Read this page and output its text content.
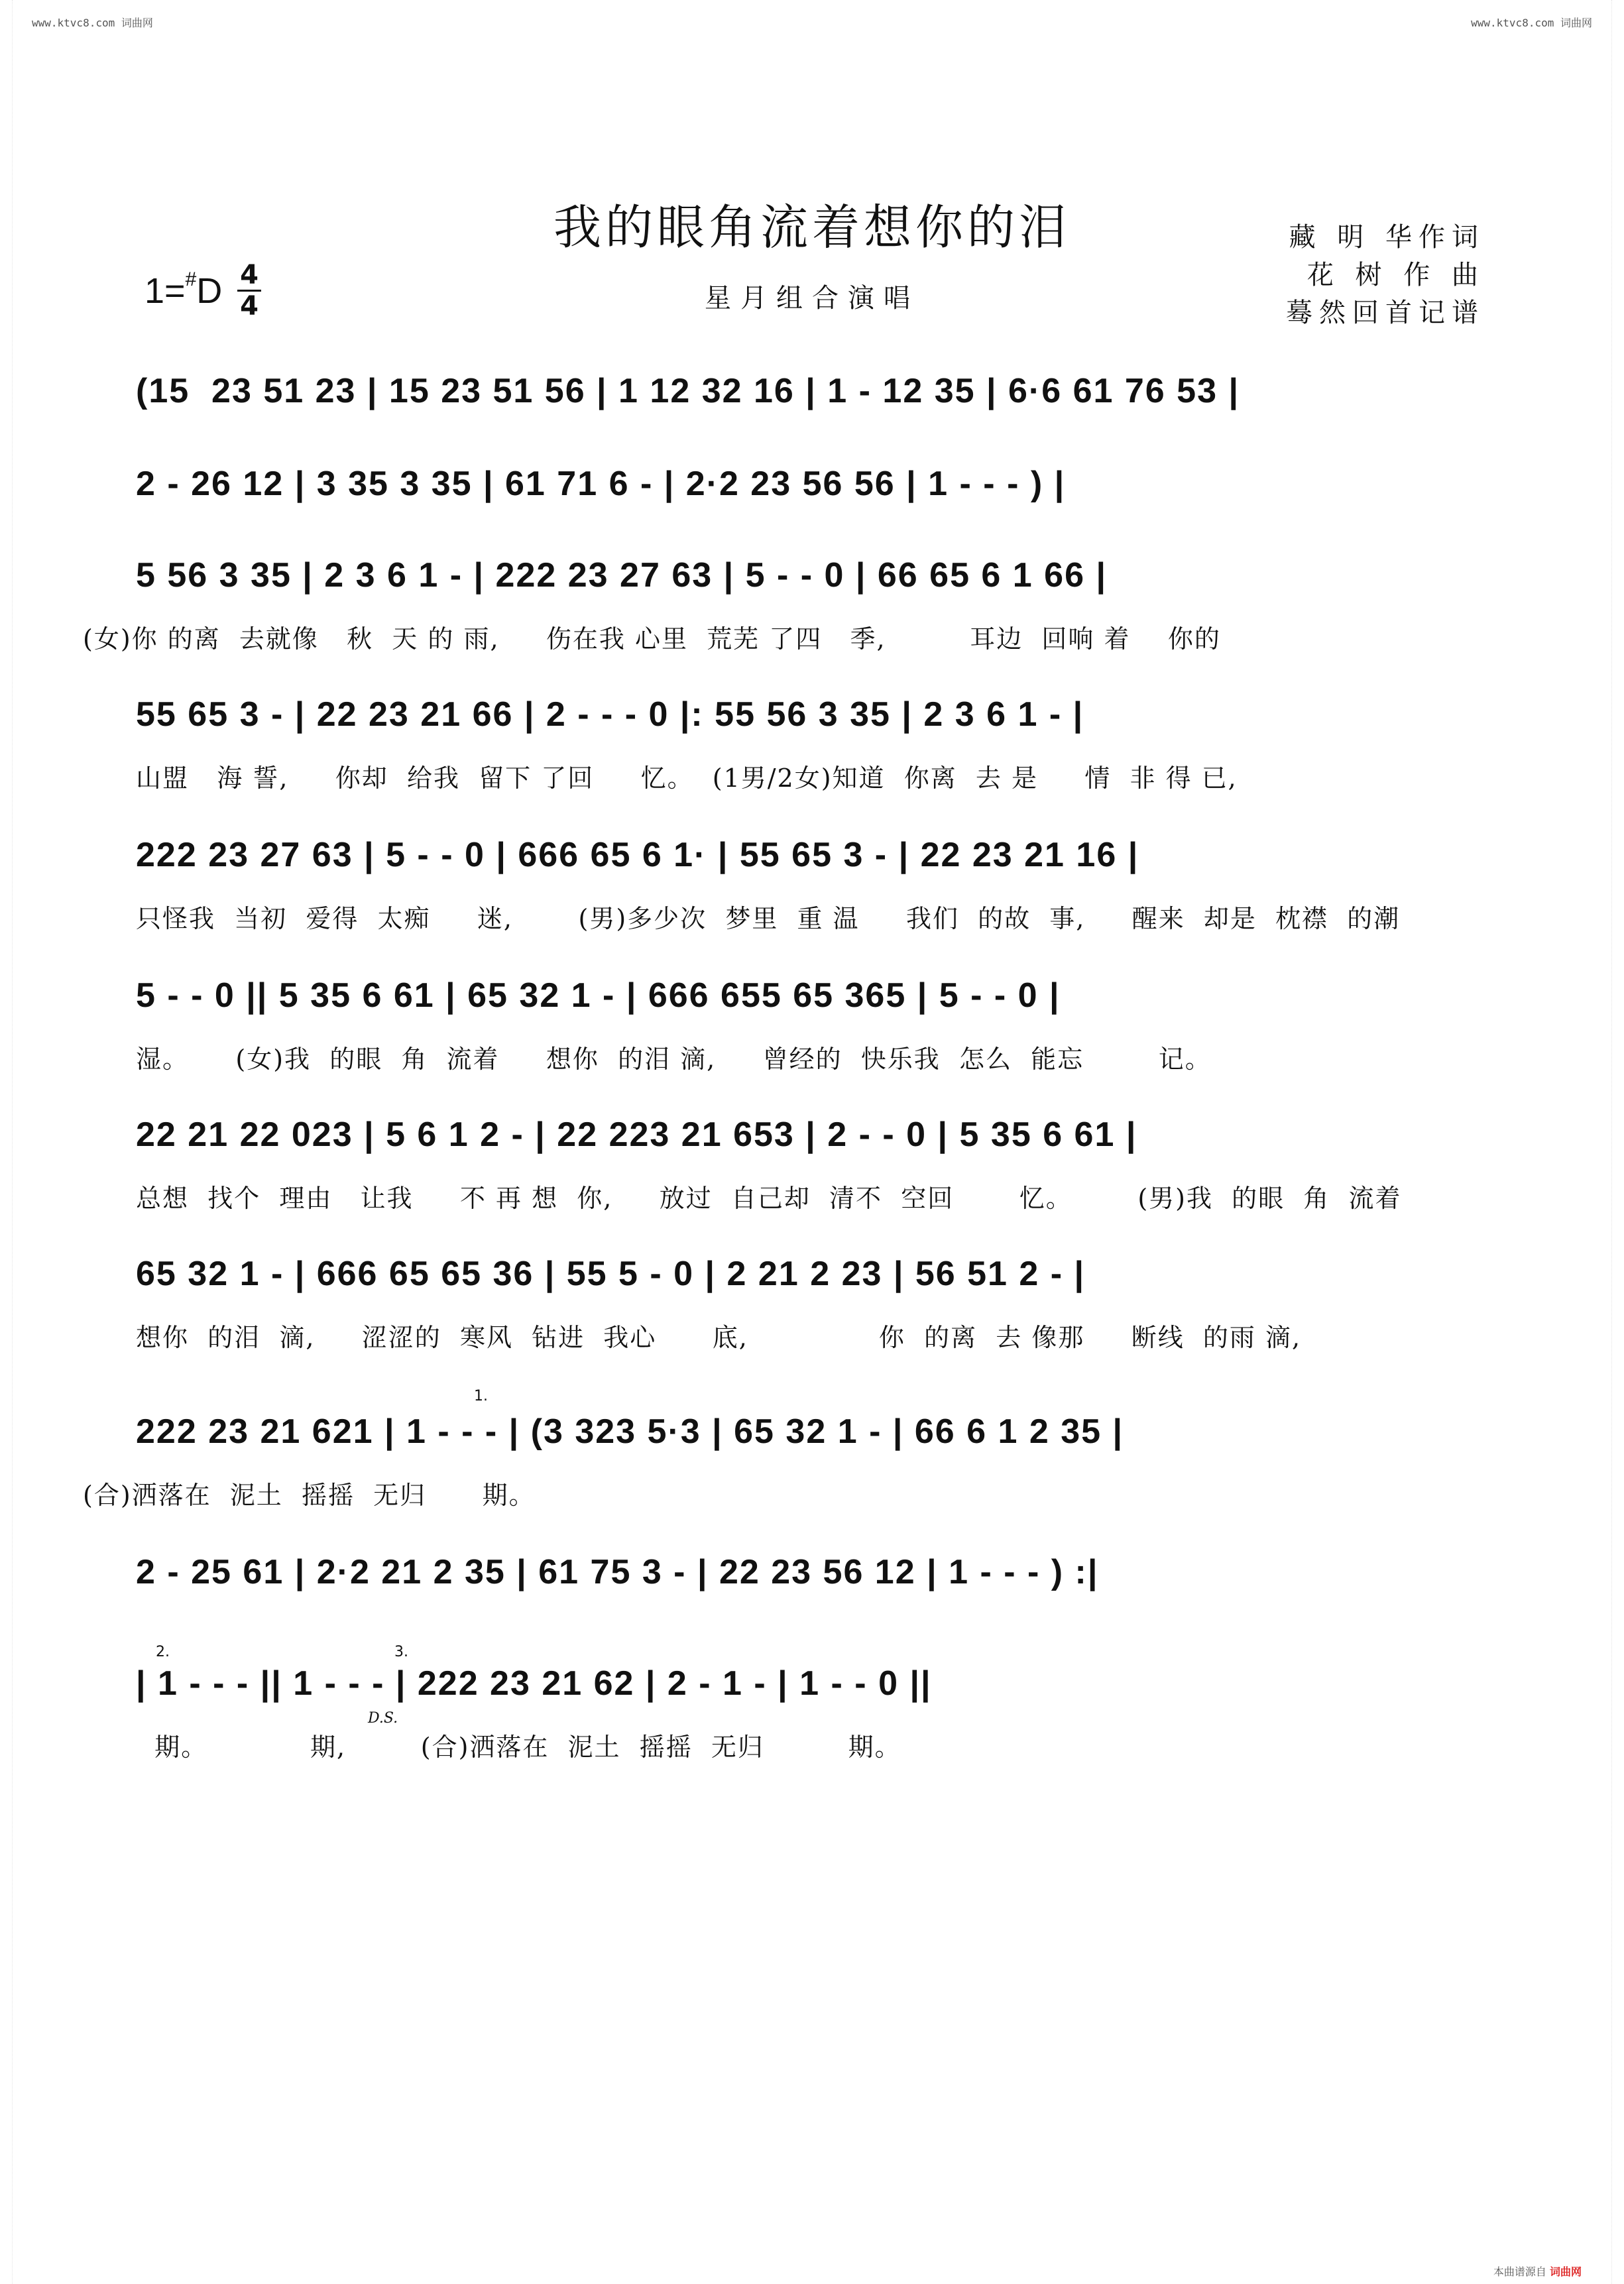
www.ktvc8.com 词曲网	www.ktvc8.com 词曲网
我的眼角流着想你的泪
1=#D 4
4	星月组合演唱
藏 明 华作词
花 树 作 曲
蓦然回首记谱
(15  23 51 23 | 15 23 51 56 | 1 12 32 16 | 1 - 12 35 | 6·6 61 76 53 |
2 - 26 12 | 3 35 3 35 | 61 71 6 - | 2·2 23 56 56 | 1 - - - ) |
5 56 3 35 | 2 3 6 1 - | 222 23 27 63 | 5 - - 0 | 66 65 6 1 66 |
(女)你 的离  去就像   秋  天 的 雨,     伤在我 心里  荒芜 了四   季,         耳边  回响 着    你的
55 65 3 - | 22 23 21 66 | 2 - - - 0 |: 55 56 3 35 | 2 3 6 1 - |
山盟   海 誓,     你却  给我  留下 了回     忆。  (1男/2女)知道  你离  去 是     情  非 得 已,
222 23 27 63 | 5 - - 0 | 666 65 6 1· | 55 65 3 - | 22 23 21 16 |
只怪我  当初  爱得  太痴     迷,       (男)多少次  梦里  重 温     我们  的故  事,     醒来  却是  枕襟  的潮
5 - - 0 || 5 35 6 61 | 65 32 1 - | 666 655 65 365 | 5 - - 0 |
湿。     (女)我  的眼  角  流着     想你  的泪 滴,     曾经的  快乐我  怎么  能忘        记。
22 21 22 023 | 5 6 1 2 - | 22 223 21 653 | 2 - - 0 | 5 35 6 61 |
总想  找个  理由   让我     不 再 想  你,     放过  自己却  清不  空回       忆。       (男)我  的眼  角  流着
65 32 1 - | 666 65 65 36 | 55 5 - 0 | 2 21 2 23 | 56 51 2 - |
想你  的泪  滴,     涩涩的  寒风  钻进  我心      底,              你  的离  去 像那     断线  的雨 滴,
222 23 21 621 | 1 - - - | (3 323 5·3 | 65 32 1 - | 66 6 1 2 35 |
(合)洒落在  泥土  摇摇  无归      期。
1.
2 - 25 61 | 2·2 21 2 35 | 61 75 3 - | 22 23 56 12 | 1 - - - ) :|
| 1 - - - || 1 - - - | 222 23 21 62 | 2 - 1 - | 1 - - 0 ||
期。           期,        (合)洒落在  泥土  摇摇  无归         期。
2.	3.
D.S.
本曲谱源自 词曲网
